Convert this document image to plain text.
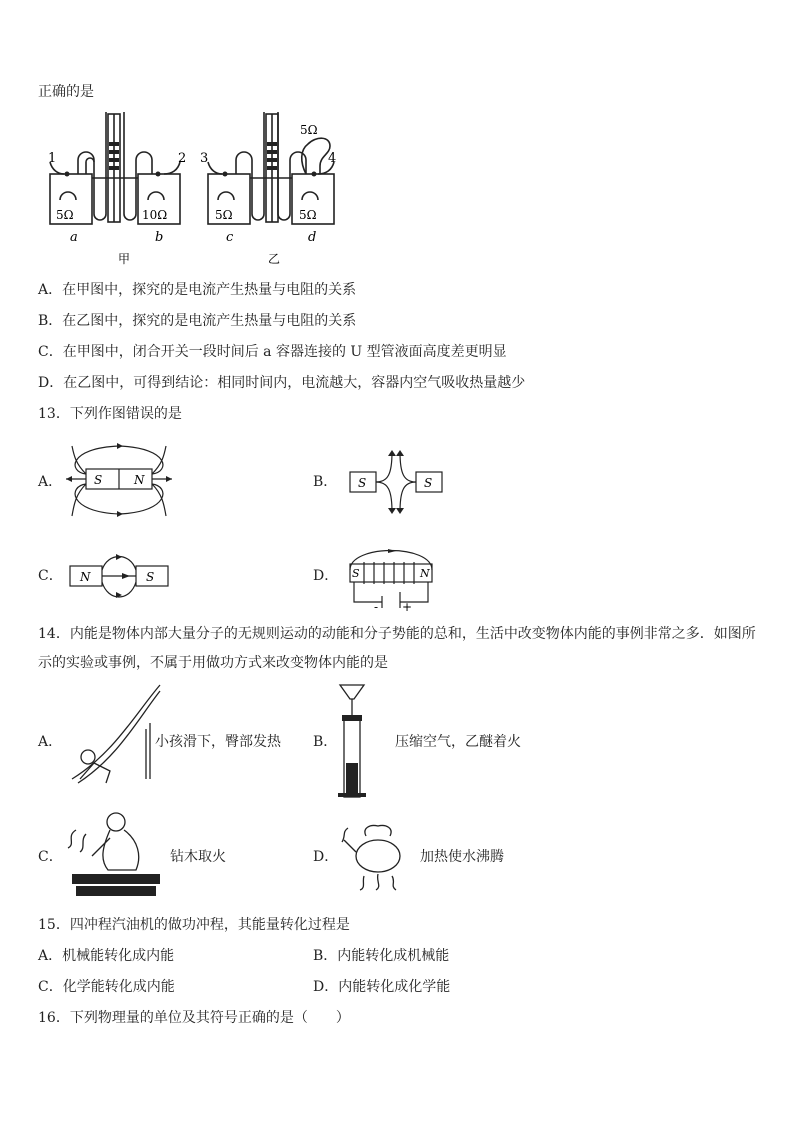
正确的是
1	2
5Ω	10Ω
a	b
甲
3	4
5Ω
5Ω	5Ω
c	d
乙
A．在甲图中，探究的是电流产生热量与电阻的关系
B．在乙图中，探究的是电流产生热量与电阻的关系
C．在甲图中，闭合开关一段时间后 a 容器连接的 U 型管液面高度差更明显
D．在乙图中，可得到结论：相同时间内，电流越大，容器内空气吸收热量越少
13．下列作图错误的是
A．	S	N	B． S	S
C． N	S	D． S	N
- +
14．内能是物体内部大量分子的无规则运动的动能和分子势能的总和，生活中改变物体内能的事例非常之多．如图所
示的实验或事例，不属于用做功方式来改变物体内能的是
A．	小孩滑下，臀部发热 B．	压缩空气，乙醚着火
C．	钻木取火	D．	加热使水沸腾
15．四冲程汽油机的做功冲程，其能量转化过程是
A．机械能转化成内能	B．内能转化成机械能
C．化学能转化成内能	D．内能转化成化学能
16．下列物理量的单位及其符号正确的是（　　）
